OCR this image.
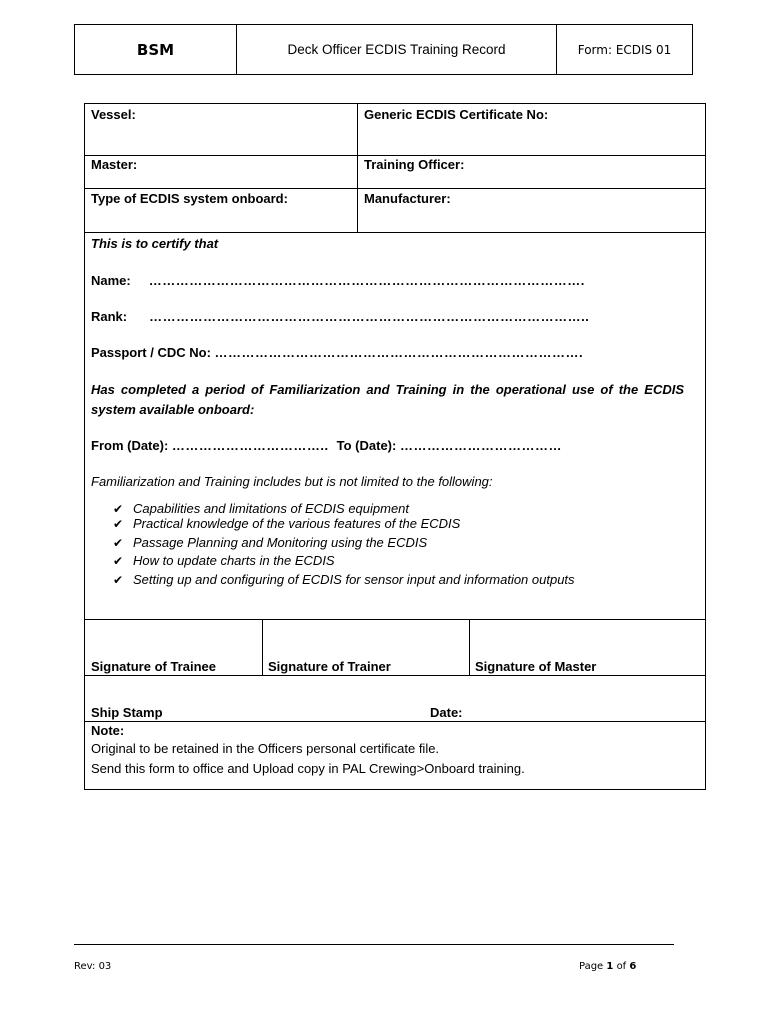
BSM	Deck Officer ECDIS Training Record	Form: ECDIS 01
Vessel:	Generic ECDIS Certificate No:
Master:	Training Officer:
Type of ECDIS system onboard:	Manufacturer:
This is to certify that
Name: …………………………………………………………………………………….
Rank: ……………………………………………………………………………………..
Passport / CDC No: ……………………………………………………………………….
Has completed a period of Familiarization and Training in the operational use of the ECDIS
system available onboard:
From (Date): …………………………….. To (Date): ………………………………
Familiarization and Training includes but is not limited to the following:
✔ Capabilities and limitations of ECDIS equipment
✔ Practical knowledge of the various features of the ECDIS
✔ Passage Planning and Monitoring using the ECDIS
✔ How to update charts in the ECDIS
✔ Setting up and configuring of ECDIS for sensor input and information outputs
Signature of Trainee	Signature of Trainer	Signature of Master
Ship Stamp	Date:
Note:
Original to be retained in the Officers personal certificate file.
Send this form to office and Upload copy in PAL Crewing>Onboard training.
Rev: 03	Page 1 of 6
